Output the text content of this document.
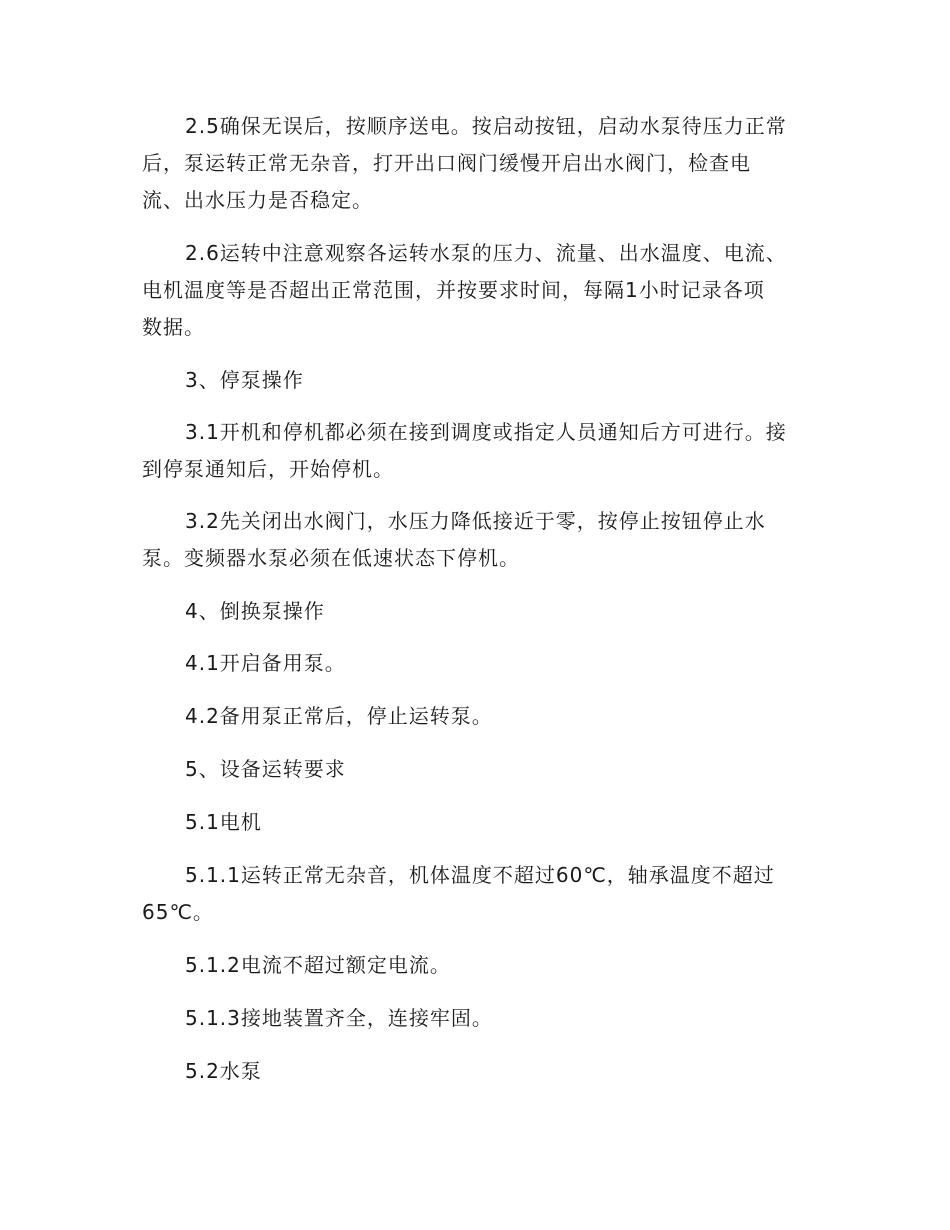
2.5确保无误后，按顺序送电。按启动按钮，启动水泵待压力正常
后，泵运转正常无杂音，打开出口阀门缓慢开启出水阀门，检查电
流、出水压力是否稳定。

2.6运转中注意观察各运转水泵的压力、流量、出水温度、电流、
电机温度等是否超出正常范围，并按要求时间，每隔1小时记录各项
数据。

3、停泵操作

3.1开机和停机都必须在接到调度或指定人员通知后方可进行。接
到停泵通知后，开始停机。

3.2先关闭出水阀门，水压力降低接近于零，按停止按钮停止水
泵。变频器水泵必须在低速状态下停机。

4、倒换泵操作

4.1开启备用泵。

4.2备用泵正常后，停止运转泵。

5、设备运转要求

5.1电机

5.1.1运转正常无杂音，机体温度不超过60℃，轴承温度不超过
65℃。

5.1.2电流不超过额定电流。

5.1.3接地装置齐全，连接牢固。

5.2水泵
